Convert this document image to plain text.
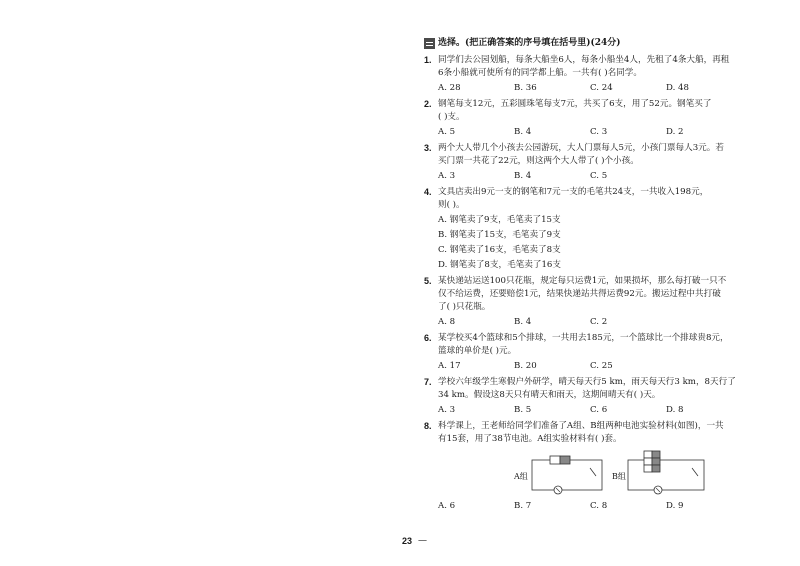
选择。(把正确答案的序号填在括号里)(24分)
1. 同学们去公园划船，每条大船坐6人，每条小船坐4人，先租了4条大船，再租
6条小船就可使所有的同学都上船。一共有( )名同学。
A. 28	B. 36	C. 24	D. 48
2. 钢笔每支12元，五彩圆珠笔每支7元，共买了6支，用了52元。钢笔买了
( )支。
A. 5	B. 4	C. 3	D. 2
3. 两个大人带几个小孩去公园游玩，大人门票每人5元，小孩门票每人3元。若
买门票一共花了22元，则这两个大人带了( )个小孩。
A. 3	B. 4	C. 5
4. 文具店卖出9元一支的钢笔和7元一支的毛笔共24支，一共收入198元，
则( )。
A. 钢笔卖了9支，毛笔卖了15支
B. 钢笔卖了15支，毛笔卖了9支
C. 钢笔卖了16支，毛笔卖了8支
D. 钢笔卖了8支，毛笔卖了16支
5. 某快递站运送100只花瓶，规定每只运费1元，如果损坏，那么每打破一只不
仅不给运费，还要赔偿1元，结果快递站共得运费92元。搬运过程中共打破
了( )只花瓶。
A. 8	B. 4	C. 2
6. 某学校买4个篮球和5个排球，一共用去185元，一个篮球比一个排球贵8元，
篮球的单价是( )元。
A. 17	B. 20	C. 25
7. 学校六年级学生寒假户外研学，晴天每天行5 km，雨天每天行3 km，8天行了
34 km。假设这8天只有晴天和雨天，这期间晴天有( )天。
A. 3	B. 5	C. 6	D. 8
8. 科学课上，王老师给同学们准备了A组、B组两种电池实验材料(如图)，一共
有15套，用了38节电池。A组实验材料有( )套。
A组	B组
A. 6	B. 7	C. 8	D. 9
23 —
